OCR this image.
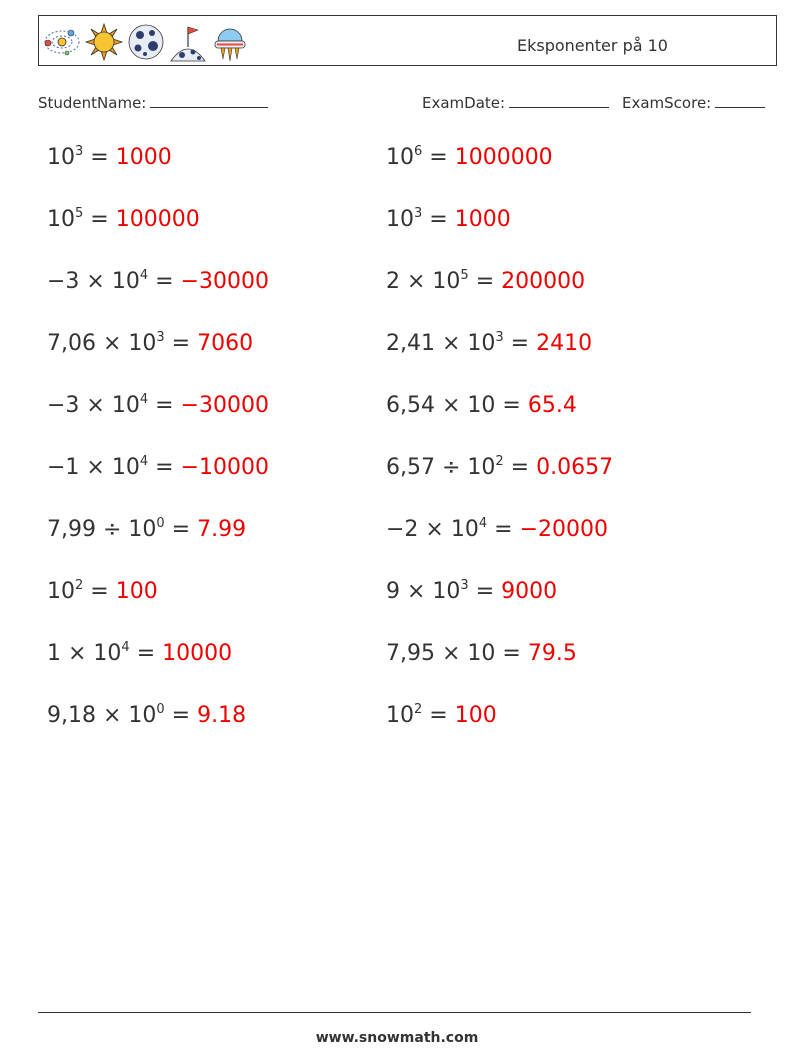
Eksponenter på 10
StudentName:	ExamDate:	ExamScore:
$10^3 = 1000$
$10^5 = 100000$
$-3 \times 10^4 = -30000$
$7,06 \times 10^3 = 7060$
$-3 \times 10^4 = -30000$
$-1 \times 10^4 = -10000$
$7,99 \div 10^0 = 7.99$
$10^2 = 100$
$1 \times 10^4 = 10000$
$9,18 \times 10^0 = 9.18$
$10^6 = 1000000$
$10^3 = 1000$
$2 \times 10^5 = 200000$
$2,41 \times 10^3 = 2410$
6,54 × 10 = 65.4
$6,57 \div 10^2 = 0.0657$
$-2 \times 10^4 = -20000$
$9 \times 10^3 = 9000$
7,95 × 10 = 79.5
$10^2 = 100$
www.snowmath.com
